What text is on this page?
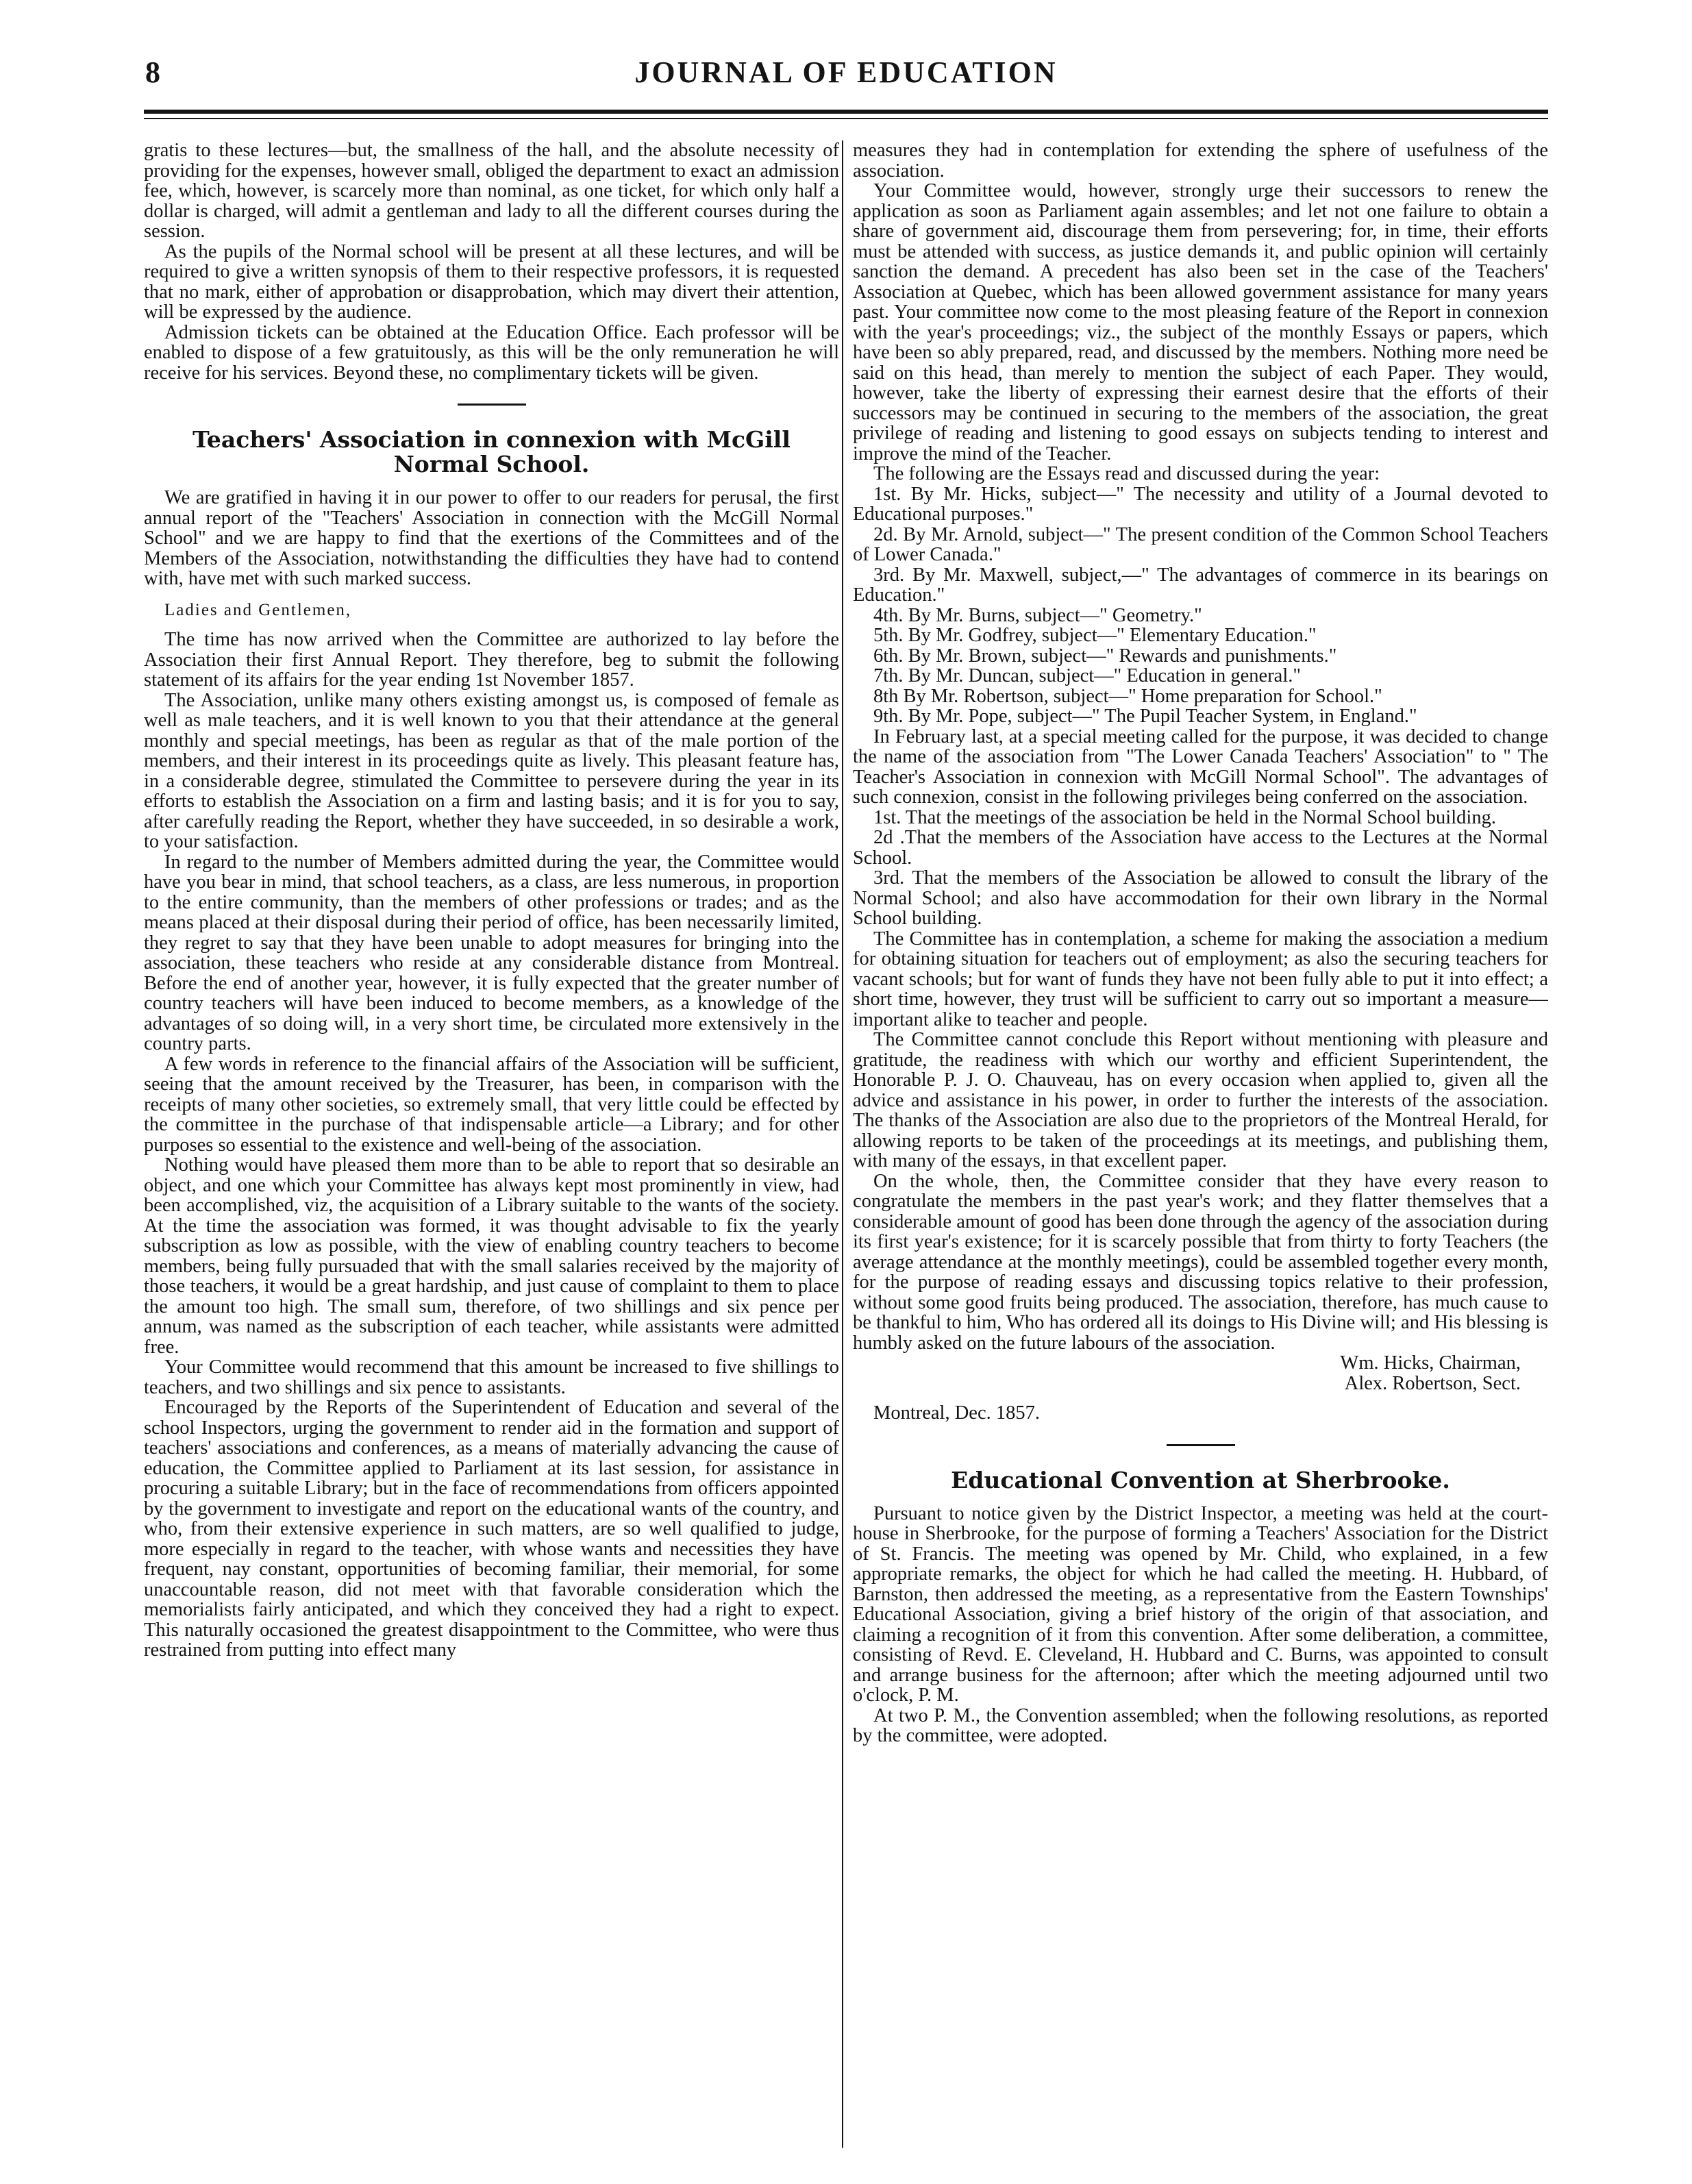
8	JOURNAL OF EDUCATION

gratis to these lectures—but, the smallness of the hall, and the absolute necessity of providing for the expenses, however small, obliged the department to exact an admission fee, which, however, is scarcely more than nominal, as one ticket, for which only half a dollar is charged, will admit a gentleman and lady to all the different courses during the session.

As the pupils of the Normal school will be present at all these lectures, and will be required to give a written synopsis of them to their respective professors, it is requested that no mark, either of approbation or disapprobation, which may divert their attention, will be expressed by the audience.

Admission tickets can be obtained at the Education Office. Each professor will be enabled to dispose of a few gratuitously, as this will be the only remuneration he will receive for his services. Beyond these, no complimentary tickets will be given.

Teachers' Association in connexion with McGill Normal School.

We are gratified in having it in our power to offer to our readers for perusal, the first annual report of the "Teachers' Association in connection with the McGill Normal School" and we are happy to find that the exertions of the Committees and of the Members of the Association, notwithstanding the difficulties they have had to contend with, have met with such marked success.

Ladies and Gentlemen,

The time has now arrived when the Committee are authorized to lay before the Association their first Annual Report. They therefore, beg to submit the following statement of its affairs for the year ending 1st November 1857.

The Association, unlike many others existing amongst us, is composed of female as well as male teachers, and it is well known to you that their attendance at the general monthly and special meetings, has been as regular as that of the male portion of the members, and their interest in its proceedings quite as lively. This pleasant feature has, in a considerable degree, stimulated the Committee to persevere during the year in its efforts to establish the Association on a firm and lasting basis; and it is for you to say, after carefully reading the Report, whether they have succeeded, in so desirable a work, to your satisfaction.

In regard to the number of Members admitted during the year, the Committee would have you bear in mind, that school teachers, as a class, are less numerous, in proportion to the entire community, than the members of other professions or trades; and as the means placed at their disposal during their period of office, has been necessarily limited, they regret to say that they have been unable to adopt measures for bringing into the association, these teachers who reside at any considerable distance from Montreal. Before the end of another year, however, it is fully expected that the greater number of country teachers will have been induced to become members, as a knowledge of the advantages of so doing will, in a very short time, be circulated more extensively in the country parts.

A few words in reference to the financial affairs of the Association will be sufficient, seeing that the amount received by the Treasurer, has been, in comparison with the receipts of many other societies, so extremely small, that very little could be effected by the committee in the purchase of that indispensable article—a Library; and for other purposes so essential to the existence and well-being of the association.

Nothing would have pleased them more than to be able to report that so desirable an object, and one which your Committee has always kept most prominently in view, had been accomplished, viz, the acquisition of a Library suitable to the wants of the society. At the time the association was formed, it was thought advisable to fix the yearly subscription as low as possible, with the view of enabling country teachers to become members, being fully pursuaded that with the small salaries received by the majority of those teachers, it would be a great hardship, and just cause of complaint to them to place the amount too high. The small sum, therefore, of two shillings and six pence per annum, was named as the subscription of each teacher, while assistants were admitted free.

Your Committee would recommend that this amount be increased to five shillings to teachers, and two shillings and six pence to assistants.

Encouraged by the Reports of the Superintendent of Education and several of the school Inspectors, urging the government to render aid in the formation and support of teachers' associations and conferences, as a means of materially advancing the cause of education, the Committee applied to Parliament at its last session, for assistance in procuring a suitable Library; but in the face of recommendations from officers appointed by the government to investigate and report on the educational wants of the country, and who, from their extensive experience in such matters, are so well qualified to judge, more especially in regard to the teacher, with whose wants and necessities they have frequent, nay constant, opportunities of becoming familiar, their memorial, for some unaccountable reason, did not meet with that favorable consideration which the memorialists fairly anticipated, and which they conceived they had a right to expect. This naturally occasioned the greatest disappointment to the Committee, who were thus restrained from putting into effect many

measures they had in contemplation for extending the sphere of usefulness of the association.

Your Committee would, however, strongly urge their successors to renew the application as soon as Parliament again assembles; and let not one failure to obtain a share of government aid, discourage them from persevering; for, in time, their efforts must be attended with success, as justice demands it, and public opinion will certainly sanction the demand. A precedent has also been set in the case of the Teachers' Association at Quebec, which has been allowed government assistance for many years past. Your committee now come to the most pleasing feature of the Report in connexion with the year's proceedings; viz., the subject of the monthly Essays or papers, which have been so ably prepared, read, and discussed by the members. Nothing more need be said on this head, than merely to mention the subject of each Paper. They would, however, take the liberty of expressing their earnest desire that the efforts of their successors may be continued in securing to the members of the association, the great privilege of reading and listening to good essays on subjects tending to interest and improve the mind of the Teacher.

The following are the Essays read and discussed during the year:

1st. By Mr. Hicks, subject—" The necessity and utility of a Journal devoted to Educational purposes."

2d. By Mr. Arnold, subject—" The present condition of the Common School Teachers of Lower Canada."

3rd. By Mr. Maxwell, subject,—" The advantages of commerce in its bearings on Education."

4th. By Mr. Burns, subject—" Geometry."

5th. By Mr. Godfrey, subject—" Elementary Education."

6th. By Mr. Brown, subject—" Rewards and punishments."

7th. By Mr. Duncan, subject—" Education in general."

8th By Mr. Robertson, subject—" Home preparation for School."

9th. By Mr. Pope, subject—" The Pupil Teacher System, in England."

In February last, at a special meeting called for the purpose, it was decided to change the name of the association from "The Lower Canada Teachers' Association" to " The Teacher's Association in connexion with McGill Normal School". The advantages of such connexion, consist in the following privileges being conferred on the association.

1st. That the meetings of the association be held in the Normal School building.

2d .That the members of the Association have access to the Lectures at the Normal School.

3rd. That the members of the Association be allowed to consult the library of the Normal School; and also have accommodation for their own library in the Normal School building.

The Committee has in contemplation, a scheme for making the association a medium for obtaining situation for teachers out of employment; as also the securing teachers for vacant schools; but for want of funds they have not been fully able to put it into effect; a short time, however, they trust will be sufficient to carry out so important a measure—important alike to teacher and people.

The Committee cannot conclude this Report without mentioning with pleasure and gratitude, the readiness with which our worthy and efficient Superintendent, the Honorable P. J. O. Chauveau, has on every occasion when applied to, given all the advice and assistance in his power, in order to further the interests of the association. The thanks of the Association are also due to the proprietors of the Montreal Herald, for allowing reports to be taken of the proceedings at its meetings, and publishing them, with many of the essays, in that excellent paper.

On the whole, then, the Committee consider that they have every reason to congratulate the members in the past year's work; and they flatter themselves that a considerable amount of good has been done through the agency of the association during its first year's existence; for it is scarcely possible that from thirty to forty Teachers (the average attendance at the monthly meetings), could be assembled together every month, for the purpose of reading essays and discussing topics relative to their profession, without some good fruits being produced. The association, therefore, has much cause to be thankful to him, Who has ordered all its doings to His Divine will; and His blessing is humbly asked on the future labours of the association.

Wm. Hicks, Chairman,

Alex. Robertson, Sect.

Montreal, Dec. 1857.

Educational Convention at Sherbrooke.

Pursuant to notice given by the District Inspector, a meeting was held at the court-house in Sherbrooke, for the purpose of forming a Teachers' Association for the District of St. Francis. The meeting was opened by Mr. Child, who explained, in a few appropriate remarks, the object for which he had called the meeting. H. Hubbard, of Barnston, then addressed the meeting, as a representative from the Eastern Townships' Educational Association, giving a brief history of the origin of that association, and claiming a recognition of it from this convention. After some deliberation, a committee, consisting of Revd. E. Cleveland, H. Hubbard and C. Burns, was appointed to consult and arrange business for the afternoon; after which the meeting adjourned until two o'clock, P. M.

At two P. M., the Convention assembled; when the following resolutions, as reported by the committee, were adopted.
